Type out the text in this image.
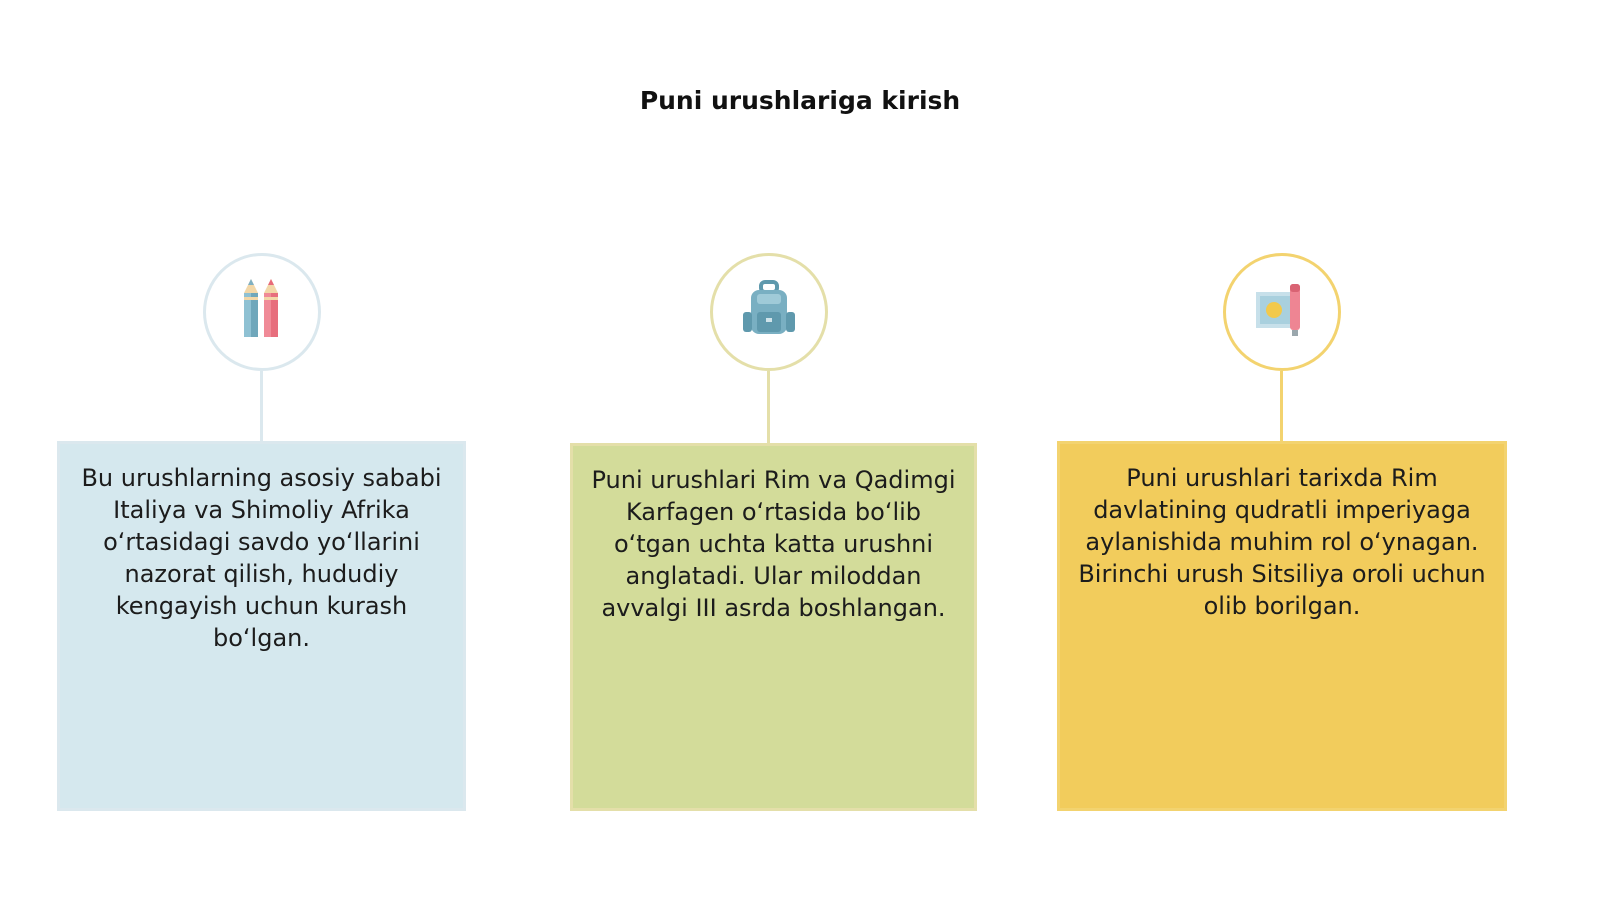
Puni urushlariga kirish
Bu urushlarning asosiy sababi Italiya va Shimoliy Afrika oʻrtasidagi savdo yoʻllarini nazorat qilish, hududiy kengayish uchun kurash boʻlgan.
Puni urushlari Rim va Qadimgi Karfagen oʻrtasida boʻlib oʻtgan uchta katta urushni anglatadi. Ular miloddan avvalgi III asrda boshlangan.
Puni urushlari tarixda Rim davlatining qudratli imperiyaga aylanishida muhim rol oʻynagan. Birinchi urush Sitsiliya oroli uchun olib borilgan.
